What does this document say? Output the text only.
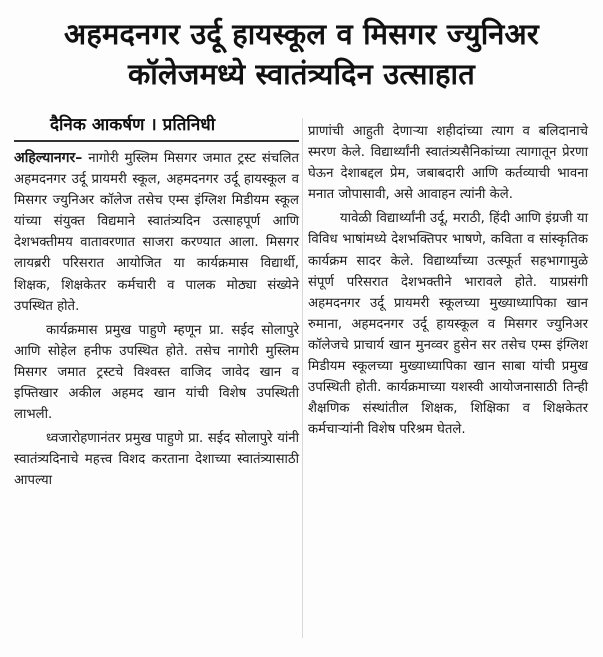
अहमदनगर उर्दू हायस्कूल व मिसगर ज्युनिअर
कॉलेजमध्ये स्वातंत्र्यदिन उत्साहात
दैनिक आकर्षण । प्रतिनिधी

अहिल्यानगर– नागोरी मुस्लिम मिसगर जमात ट्रस्ट संचलित अहमदनगर उर्दू प्रायमरी स्कूल, अहमदनगर उर्दू हायस्कूल व मिसगर ज्युनिअर कॉलेज तसेच एम्स इंग्लिश मिडीयम स्कूल यांच्या संयुक्त विद्यमाने स्वातंत्र्यदिन उत्साहपूर्ण आणि देशभक्तीमय वातावरणात साजरा करण्यात आला. मिसगर लायब्ररी परिसरात आयोजित या कार्यक्रमास विद्यार्थी, शिक्षक, शिक्षकेतर कर्मचारी व पालक मोठ्या संख्येने उपस्थित होते.

कार्यक्रमास प्रमुख पाहुणे म्हणून प्रा. सईद सोलापुरे आणि सोहेल हनीफ उपस्थित होते. तसेच नागोरी मुस्लिम मिसगर जमात ट्रस्टचे विश्वस्त वाजिद जावेद खान व इफ्तिखार अकील अहमद खान यांची विशेष उपस्थिती लाभली.

ध्वजारोहणानंतर प्रमुख पाहुणे प्रा. सईद सोलापुरे यांनी स्वातंत्र्यदिनाचे महत्त्व विशद करताना देशाच्या स्वातंत्र्यासाठी आपल्या

प्राणांची आहुती देणाऱ्या शहीदांच्या त्याग व बलिदानाचे स्मरण केले. विद्यार्थ्यांनी स्वातंत्र्यसैनिकांच्या त्यागातून प्रेरणा घेऊन देशाबद्दल प्रेम, जबाबदारी आणि कर्तव्याची भावना मनात जोपासावी, असे आवाहन त्यांनी केले.

यावेळी विद्यार्थ्यांनी उर्दू, मराठी, हिंदी आणि इंग्रजी या विविध भाषांमध्ये देशभक्तिपर भाषणे, कविता व सांस्कृतिक कार्यक्रम सादर केले. विद्यार्थ्यांच्या उत्स्फूर्त सहभागामुळे संपूर्ण परिसरात देशभक्तीने भारावले होते. याप्रसंगी अहमदनगर उर्दू प्रायमरी स्कूलच्या मुख्याध्यापिका खान रुमाना, अहमदनगर उर्दू हायस्कूल व मिसगर ज्युनिअर कॉलेजचे प्राचार्य खान मुनव्वर हुसेन सर तसेच एम्स इंग्लिश मिडीयम स्कूलच्या मुख्याध्यापिका खान साबा यांची प्रमुख उपस्थिती होती. कार्यक्रमाच्या यशस्वी आयोजनासाठी तिन्ही शैक्षणिक संस्थांतील शिक्षक, शिक्षिका व शिक्षकेतर कर्मचाऱ्यांनी विशेष परिश्रम घेतले.
